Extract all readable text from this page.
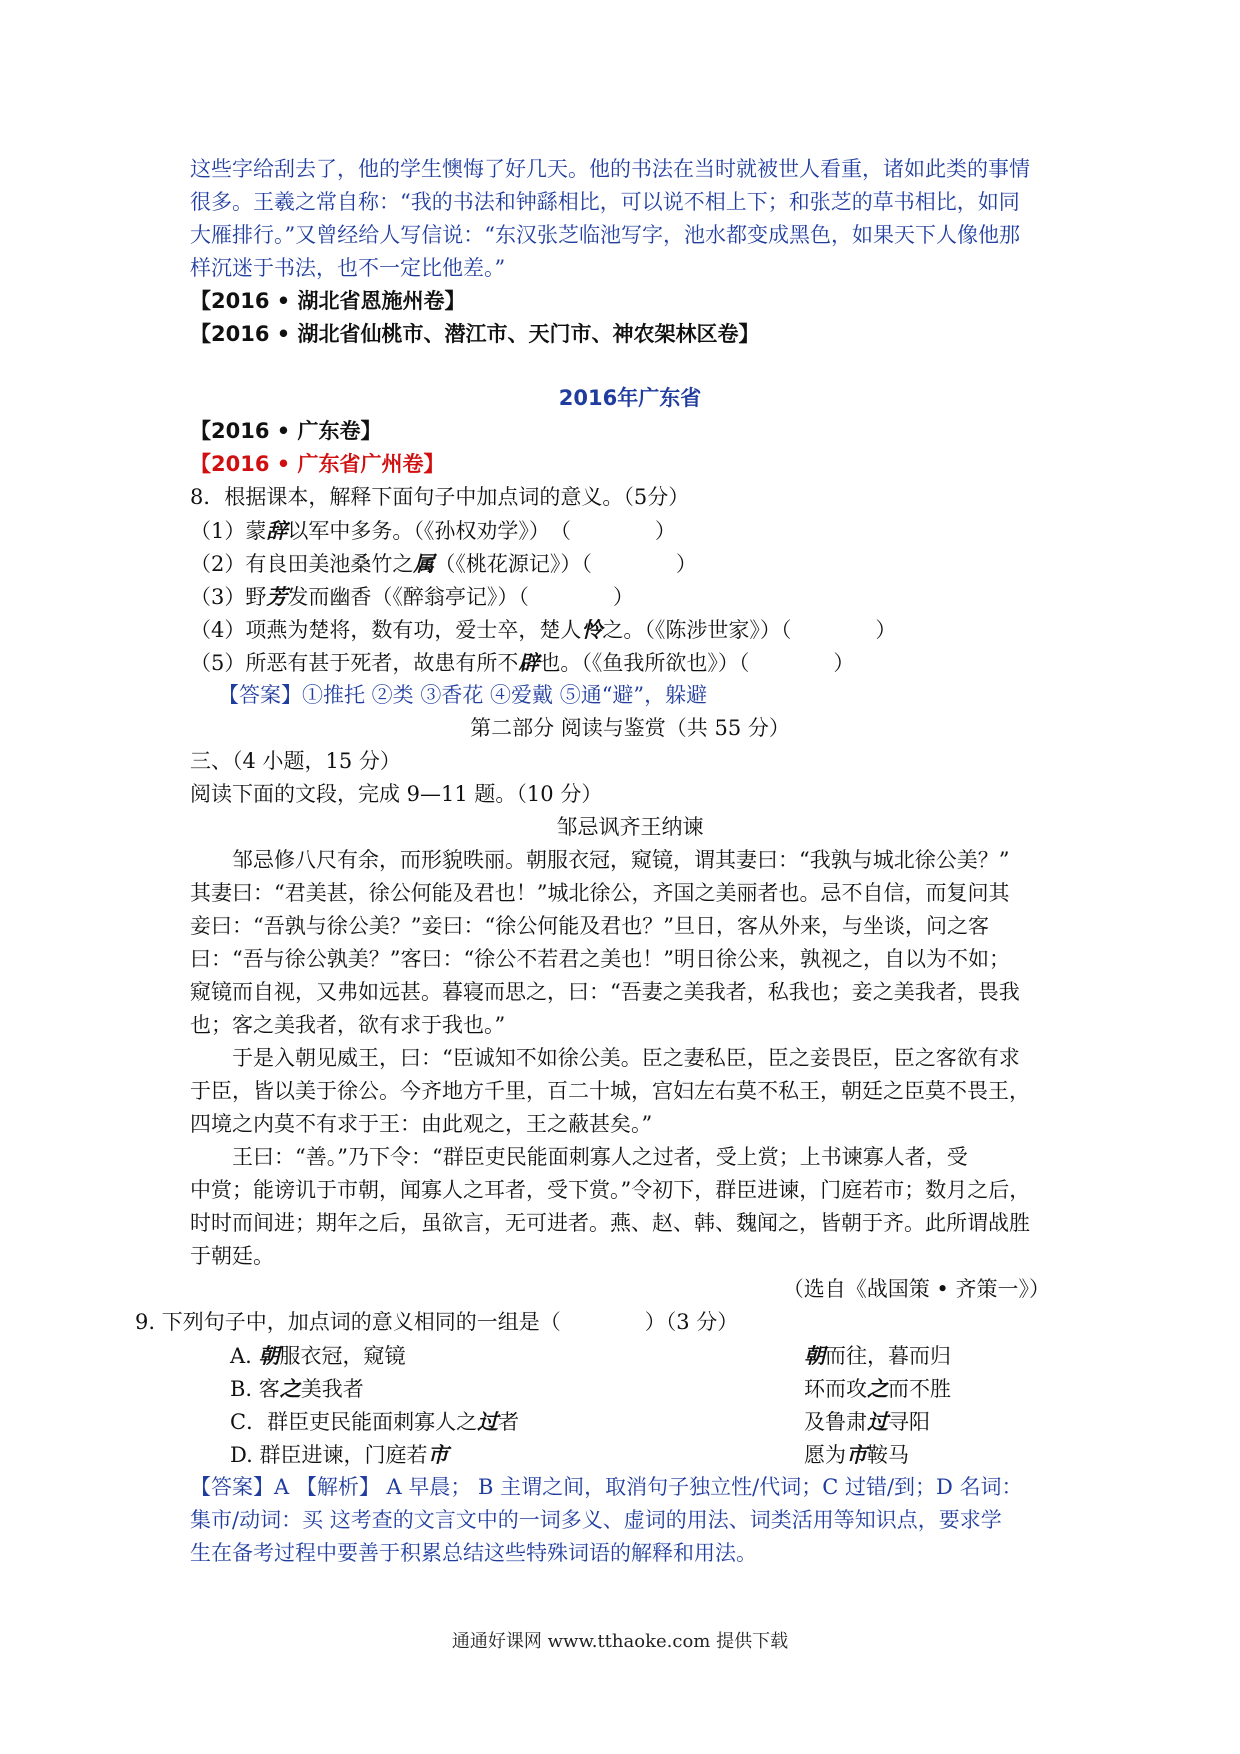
这些字给刮去了，他的学生懊悔了好几天。他的书法在当时就被世人看重，诸如此类的事情
很多。王羲之常自称：“我的书法和钟繇相比，可以说不相上下；和张芝的草书相比，如同
大雁排行。”又曾经给人写信说：“东汉张芝临池写字，池水都变成黑色，如果天下人像他那
样沉迷于书法，也不一定比他差。”
【2016 • 湖北省恩施州卷】
【2016 • 湖北省仙桃市、潜江市、天门市、神农架林区卷】
2016年广东省
【2016 • 广东卷】
【2016 • 广东省广州卷】
8．根据课本，解释下面句子中加点词的意义。（5分）
（1）蒙辞以军中多务。（《孙权劝学》）　（　　　　）
（2）有良田美池桑竹之属（《桃花源记》）（　　　　）
（3）野芳发而幽香（《醉翁亭记》）（　　　　）
（4）项燕为楚将，数有功，爱士卒，楚人怜之。（《陈涉世家》）（　　　　）
（5）所恶有甚于死者，故患有所不辟也。（《鱼我所欲也》）（　　　　）
【答案】①推托 ②类 ③香花 ④爱戴 ⑤通“避”，躲避
第二部分 阅读与鉴赏（共 55 分）
三、（4 小题，15 分）
阅读下面的文段，完成 9—11 题。（10 分）
邹忌讽齐王纳谏
邹忌修八尺有余，而形貌昳丽。朝服衣冠，窥镜，谓其妻曰：“我孰与城北徐公美？”
其妻曰：“君美甚，徐公何能及君也！”城北徐公，齐国之美丽者也。忌不自信，而复问其
妾曰：“吾孰与徐公美？”妾曰：“徐公何能及君也？”旦日，客从外来，与坐谈，问之客
曰：“吾与徐公孰美？”客曰：“徐公不若君之美也！”明日徐公来，孰视之，自以为不如；
窥镜而自视，又弗如远甚。暮寝而思之，曰：“吾妻之美我者，私我也；妾之美我者，畏我
也；客之美我者，欲有求于我也。”
于是入朝见威王，曰：“臣诚知不如徐公美。臣之妻私臣，臣之妾畏臣，臣之客欲有求
于臣，皆以美于徐公。今齐地方千里，百二十城，宫妇左右莫不私王，朝廷之臣莫不畏王，
四境之内莫不有求于王：由此观之，王之蔽甚矣。”
王曰：“善。”乃下令：“群臣吏民能面刺寡人之过者，受上赏；上书谏寡人者，受
中赏；能谤讥于市朝，闻寡人之耳者，受下赏。”令初下，群臣进谏，门庭若市；数月之后，
时时而间进；期年之后，虽欲言，无可进者。燕、赵、韩、魏闻之，皆朝于齐。此所谓战胜
于朝廷。
（选自《战国策 • 齐策一》）
9. 下列句子中，加点词的意义相同的一组是（　　　　）（3 分）
A. 朝服衣冠，窥镜	朝而往，暮而归
B. 客之美我者	环而攻之而不胜
C．群臣吏民能面刺寡人之过者	及鲁肃过寻阳
D. 群臣进谏，门庭若市	愿为市鞍马
【答案】A 【解析】 A 早晨； B 主谓之间，取消句子独立性/代词；C 过错/到；D 名词：
集市/动词：买 这考查的文言文中的一词多义、虚词的用法、词类活用等知识点，要求学
生在备考过程中要善于积累总结这些特殊词语的解释和用法。
通通好课网 www.tthaoke.com 提供下载
